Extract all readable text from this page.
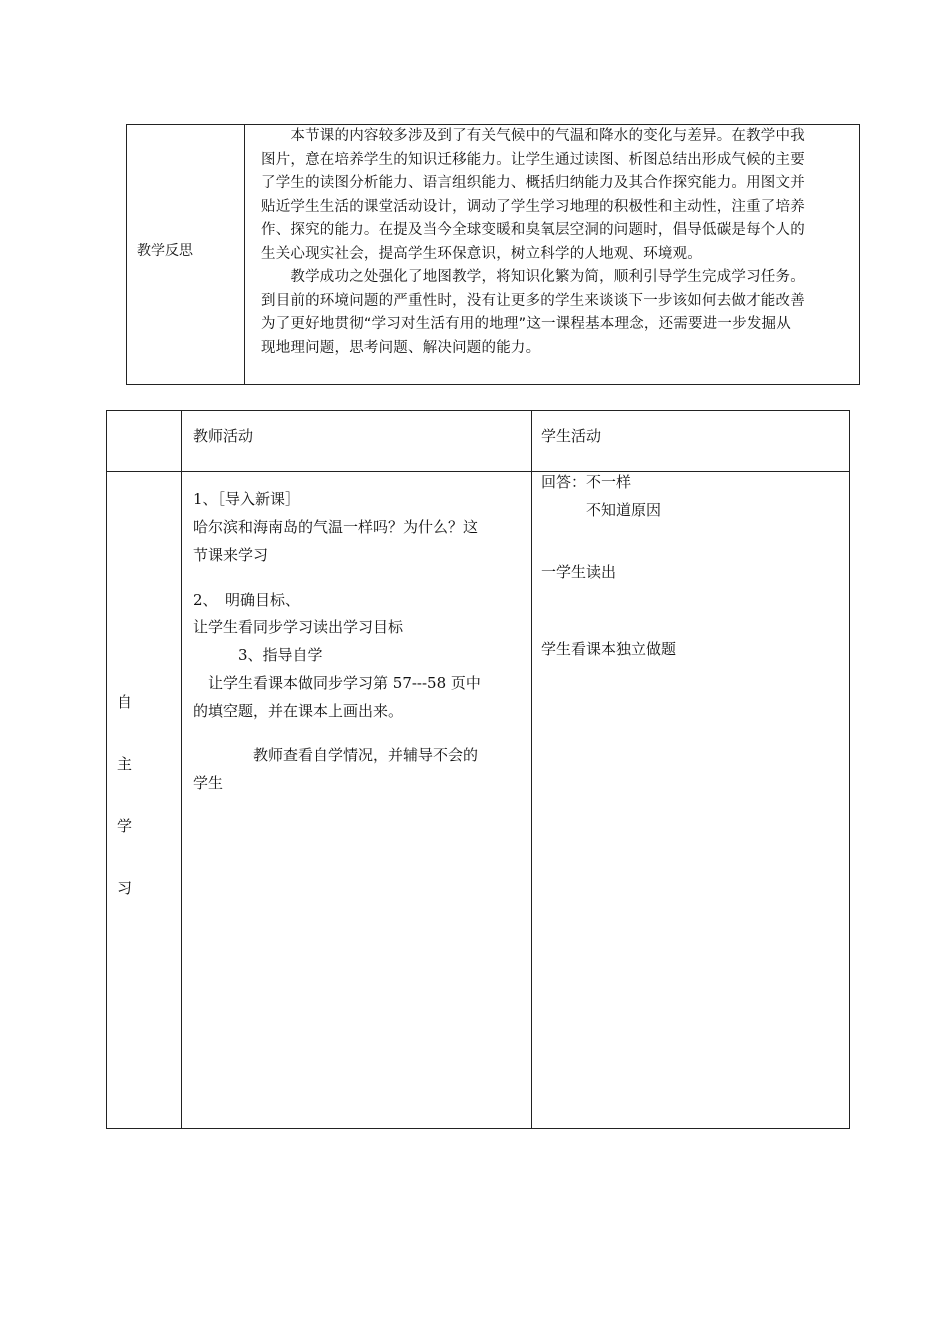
教学反思

　　本节课的内容较多涉及到了有关气候中的气温和降水的变化与差异。在教学中我

图片，意在培养学生的知识迁移能力。让学生通过读图、析图总结出形成气候的主要

了学生的读图分析能力、语言组织能力、概括归纳能力及其合作探究能力。用图文并

贴近学生生活的课堂活动设计，调动了学生学习地理的积极性和主动性，注重了培养

作、探究的能力。在提及当今全球变暖和臭氧层空洞的问题时，倡导低碳是每个人的

生关心现实社会，提高学生环保意识，树立科学的人地观、环境观。

　　教学成功之处强化了地图教学，将知识化繁为简，顺利引导学生完成学习任务。

到目前的环境问题的严重性时，没有让更多的学生来谈谈下一步该如何去做才能改善

为了更好地贯彻“学习对生活有用的地理”这一课程基本理念，还需要进一步发掘从

现地理问题，思考问题、解决问题的能力。

教师活动	学生活动
自
主
学
习
1、［导入新课］
哈尔滨和海南岛的气温一样吗？为什么？这
节课来学习
2、　明确目标、
让学生看同步学习读出学习目标
　　　3、指导自学
　让学生看课本做同步学习第 57---58 页中
的填空题，并在课本上画出来。
　　　　教师查看自学情况，并辅导不会的
学生
回答：不一样
　　　不知道原因
一学生读出
学生看课本独立做题
